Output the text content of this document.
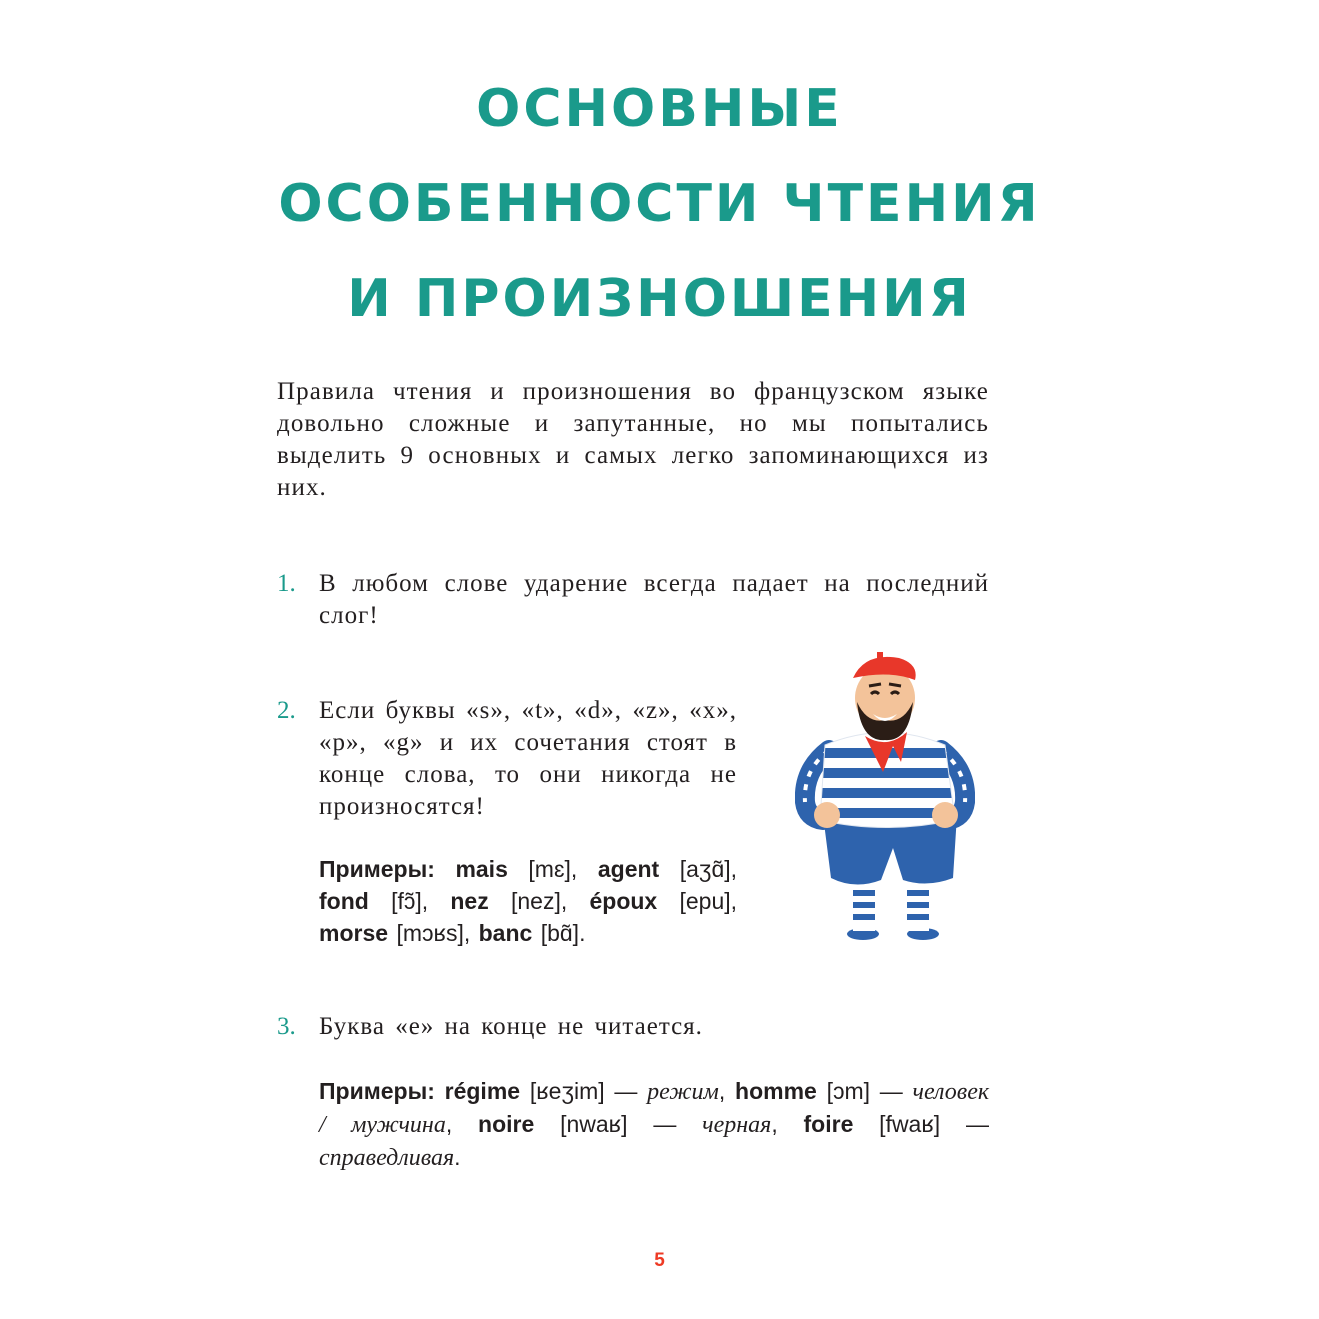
ОСНОВНЫЕ
ОСОБЕННОСТИ ЧТЕНИЯ
И ПРОИЗНОШЕНИЯ

Правила чтения и произношения во французском языке довольно сложные и запутанные, но мы попытались выделить 9 основных и самых легко запоминающихся из них.

1. В любом слове ударение всегда падает на последний слог!

2. Если буквы «s», «t», «d», «z», «x», «p», «g» и их сочетания стоят в конце слова, то они никогда не произносятся!

Примеры: mais [mɛ], agent [aʒɑ̃], fond [fɔ̃], nez [nez], époux [epu], morse [mɔʁs], banc [bɑ̃].

3. Буква «e» на конце не читается.

Примеры: régime [ʁeʒim] — режим, homme [ɔm] — человек / мужчина, noire [nwaʁ] — черная, foire [fwaʁ] — справедливая.

5
